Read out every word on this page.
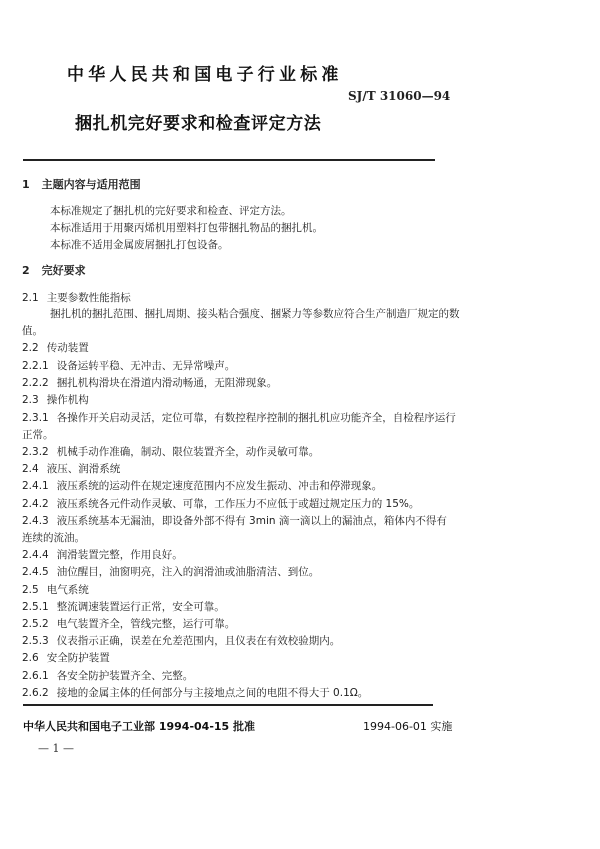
中华人民共和国电子行业标准
SJ/T 31060—94
捆扎机完好要求和检查评定方法
1 主题内容与适用范围
本标准规定了捆扎机的完好要求和检查、评定方法。
本标准适用于用聚丙烯机用塑料打包带捆扎物品的捆扎机。
本标准不适用金属废屑捆扎打包设备。
2 完好要求
2.1 主要参数性能指标
捆扎机的捆扎范围、捆扎周期、接头粘合强度、捆紧力等参数应符合生产制造厂规定的数
值。
2.2 传动装置
2.2.1 设备运转平稳、无冲击、无异常噪声。
2.2.2 捆扎机构滑块在滑道内滑动畅通，无阻滞现象。
2.3 操作机构
2.3.1 各操作开关启动灵活，定位可靠，有数控程序控制的捆扎机应功能齐全，自检程序运行
正常。
2.3.2 机械手动作准确，制动、限位装置齐全，动作灵敏可靠。
2.4 液压、润滑系统
2.4.1 液压系统的运动件在规定速度范围内不应发生振动、冲击和停滞现象。
2.4.2 液压系统各元件动作灵敏、可靠，工作压力不应低于或超过规定压力的 15%。
2.4.3 液压系统基本无漏油，即设备外部不得有 3min 滴一滴以上的漏油点，箱体内不得有
连续的流油。
2.4.4 润滑装置完整，作用良好。
2.4.5 油位醒目，油窗明亮，注入的润滑油或油脂清洁、到位。
2.5 电气系统
2.5.1 整流调速装置运行正常，安全可靠。
2.5.2 电气装置齐全，管线完整，运行可靠。
2.5.3 仪表指示正确，误差在允差范围内，且仪表在有效校验期内。
2.6 安全防护装置
2.6.1 各安全防护装置齐全、完整。
2.6.2 接地的金属主体的任何部分与主接地点之间的电阻不得大于 0.1Ω。
中华人民共和国电子工业部 1994-04-15 批准	1994-06-01 实施
— 1 —
